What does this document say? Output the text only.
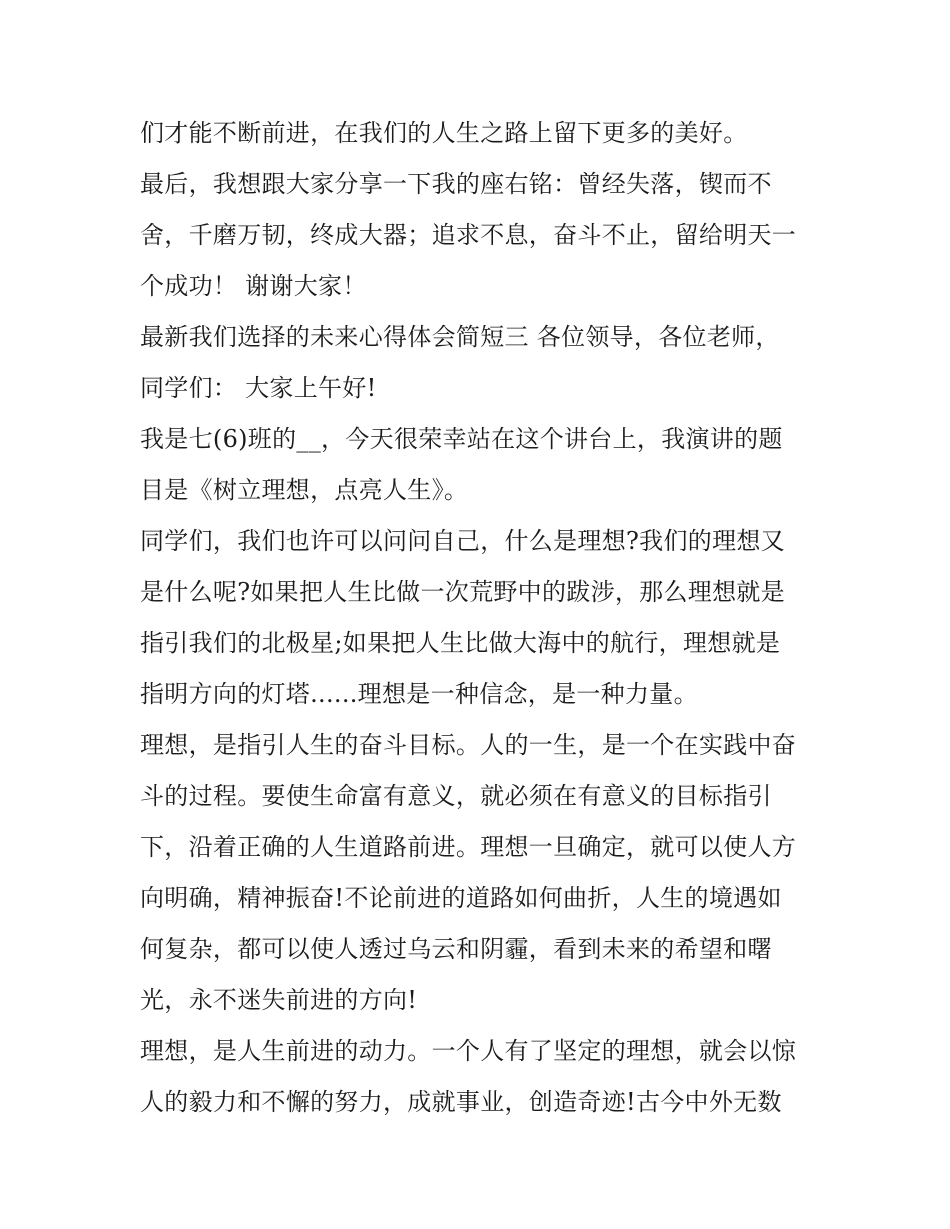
们才能不断前进，在我们的人生之路上留下更多的美好。
最后，我想跟大家分享一下我的座右铭：曾经失落，锲而不
舍，千磨万韧，终成大器；追求不息，奋斗不止，留给明天一
个成功！ 谢谢大家！
最新我们选择的未来心得体会简短三 各位领导，各位老师，
同学们： 大家上午好!
我是七(6)班的__，今天很荣幸站在这个讲台上，我演讲的题
目是《树立理想，点亮人生》。
同学们，我们也许可以问问自己，什么是理想?我们的理想又
是什么呢?如果把人生比做一次荒野中的跋涉，那么理想就是
指引我们的北极星;如果把人生比做大海中的航行，理想就是
指明方向的灯塔......理想是一种信念，是一种力量。
理想，是指引人生的奋斗目标。人的一生，是一个在实践中奋
斗的过程。要使生命富有意义，就必须在有意义的目标指引
下，沿着正确的人生道路前进。理想一旦确定，就可以使人方
向明确，精神振奋!不论前进的道路如何曲折，人生的境遇如
何复杂，都可以使人透过乌云和阴霾，看到未来的希望和曙
光，永不迷失前进的方向!
理想，是人生前进的动力。一个人有了坚定的理想，就会以惊
人的毅力和不懈的努力，成就事业，创造奇迹!古今中外无数
